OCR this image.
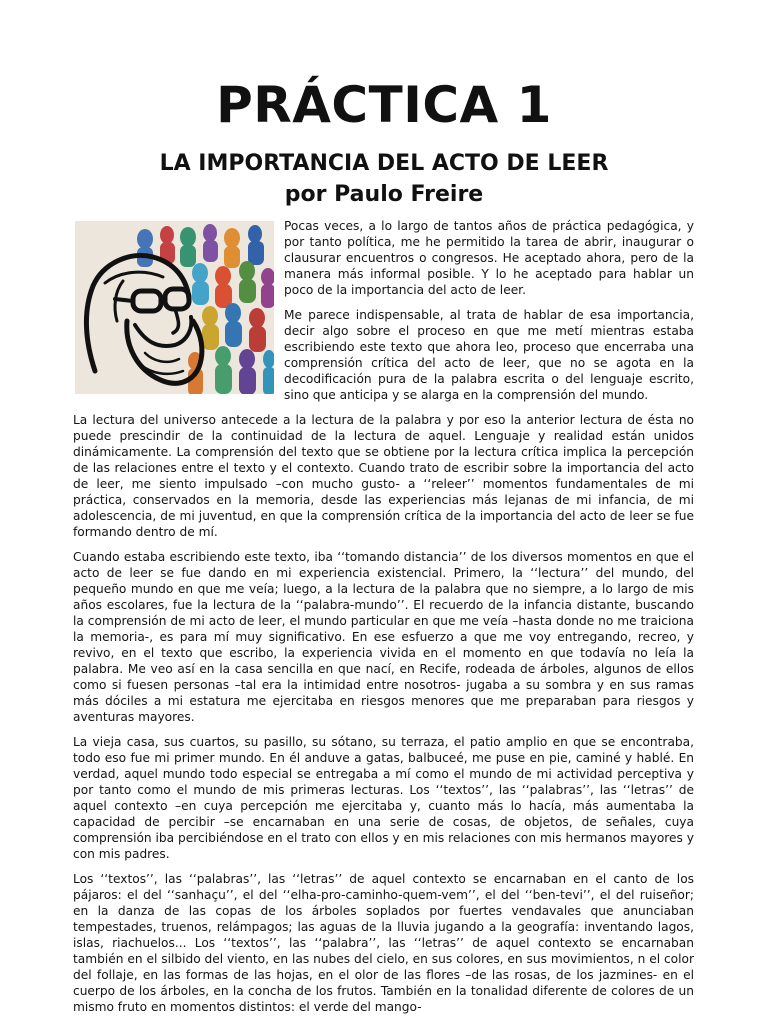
PRÁCTICA 1
LA IMPORTANCIA DEL ACTO DE LEER
por Paulo Freire

Pocas veces, a lo largo de tantos años de práctica pedagógica, y por tanto política, me he permitido la tarea de abrir, inaugurar o clausurar encuentros o congresos. He aceptado ahora, pero de la manera más informal posible. Y lo he aceptado para hablar un poco de la importancia del acto de leer.

Me parece indispensable, al trata de hablar de esa importancia, decir algo sobre el proceso en que me metí mientras estaba escribiendo este texto que ahora leo, proceso que encerraba una comprensión crítica del acto de leer, que no se agota en la decodificación pura de la palabra escrita o del lenguaje escrito, sino que anticipa y se alarga en la comprensión del mundo.

La lectura del universo antecede a la lectura de la palabra y por eso la anterior lectura de ésta no puede prescindir de la continuidad de la lectura de aquel. Lenguaje y realidad están unidos dinámicamente. La comprensión del texto que se obtiene por la lectura crítica implica la percepción de las relaciones entre el texto y el contexto. Cuando trato de escribir sobre la importancia del acto de leer, me siento impulsado –con mucho gusto- a ‘‘releer’’ momentos fundamentales de mi práctica, conservados en la memoria, desde las experiencias más lejanas de mi infancia, de mi adolescencia, de mi juventud, en que la comprensión crítica de la importancia del acto de leer se fue formando dentro de mí.

Cuando estaba escribiendo este texto, iba ‘‘tomando distancia’’ de los diversos momentos en que el acto de leer se fue dando en mi experiencia existencial. Primero, la ‘‘lectura’’ del mundo, del pequeño mundo en que me veía; luego, a la lectura de la palabra que no siempre, a lo largo de mis años escolares, fue la lectura de la ‘‘palabra-mundo’’. El recuerdo de la infancia distante, buscando la comprensión de mi acto de leer, el mundo particular en que me veía –hasta donde no me traiciona la memoria-, es para mí muy significativo. En ese esfuerzo a que me voy entregando, recreo, y revivo, en el texto que escribo, la experiencia vivida en el momento en que todavía no leía la palabra. Me veo así en la casa sencilla en que nací, en Recife, rodeada de árboles, algunos de ellos como si fuesen personas –tal era la intimidad entre nosotros- jugaba a su sombra y en sus ramas más dóciles a mi estatura me ejercitaba en riesgos menores que me preparaban para riesgos y aventuras mayores.

La vieja casa, sus cuartos, su pasillo, su sótano, su terraza, el patio amplio en que se encontraba, todo eso fue mi primer mundo. En él anduve a gatas, balbuceé, me puse en pie, caminé y hablé. En verdad, aquel mundo todo especial se entregaba a mí como el mundo de mi actividad perceptiva y por tanto como el mundo de mis primeras lecturas. Los ‘‘textos’’, las ‘‘palabras’’, las ‘‘letras’’ de aquel contexto –en cuya percepción me ejercitaba y, cuanto más lo hacía, más aumentaba la capacidad de percibir –se encarnaban en una serie de cosas, de objetos, de señales, cuya comprensión iba percibiéndose en el trato con ellos y en mis relaciones con mis hermanos mayores y con mis padres.

Los ‘‘textos’’, las ‘‘palabras’’, las ‘‘letras’’ de aquel contexto se encarnaban en el canto de los pájaros: el del ‘‘sanhaçu’’, el del ‘‘elha-pro-caminho-quem-vem’’, el del ‘‘ben-tevi’’, el del ruiseñor; en la danza de las copas de los árboles soplados por fuertes vendavales que anunciaban tempestades, truenos, relámpagos; las aguas de la lluvia jugando a la geografía: inventando lagos, islas, riachuelos... Los ‘‘textos’’, las ‘‘palabra’’, las ‘‘letras’’ de aquel contexto se encarnaban también en el silbido del viento, en las nubes del cielo, en sus colores, en sus movimientos, n el color del follaje, en las formas de las hojas, en el olor de las flores –de las rosas, de los jazmines- en el cuerpo de los árboles, en la concha de los frutos. También en la tonalidad diferente de colores de un mismo fruto en momentos distintos: el verde del mango-
